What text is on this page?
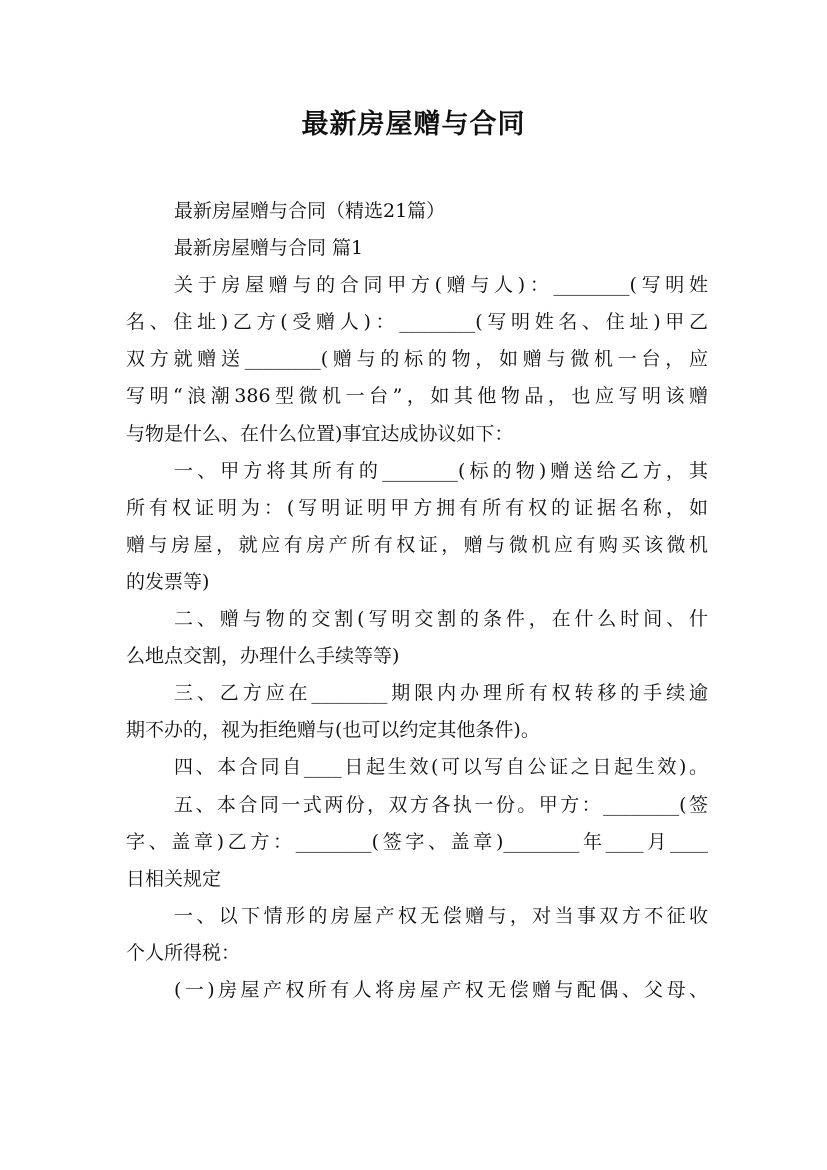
最新房屋赠与合同
最新房屋赠与合同（精选21篇）
最新房屋赠与合同 篇1
关于房屋赠与的合同甲方(赠与人)：________(写明姓
名、住址)乙方(受赠人)：________(写明姓名、住址)甲乙
双方就赠送________(赠与的标的物，如赠与微机一台，应
写明“浪潮386型微机一台”，如其他物品，也应写明该赠
与物是什么、在什么位置)事宜达成协议如下：
一、甲方将其所有的________(标的物)赠送给乙方，其
所有权证明为：(写明证明甲方拥有所有权的证据名称，如
赠与房屋，就应有房产所有权证，赠与微机应有购买该微机
的发票等)
二、赠与物的交割(写明交割的条件，在什么时间、什
么地点交割，办理什么手续等等)
三、乙方应在________期限内办理所有权转移的手续逾
期不办的，视为拒绝赠与(也可以约定其他条件)。
四、本合同自____日起生效(可以写自公证之日起生效)。
五、本合同一式两份，双方各执一份。甲方：________(签
字、盖章)乙方：________(签字、盖章)________年____月____
日相关规定
一、以下情形的房屋产权无偿赠与，对当事双方不征收
个人所得税：
(一)房屋产权所有人将房屋产权无偿赠与配偶、父母、
